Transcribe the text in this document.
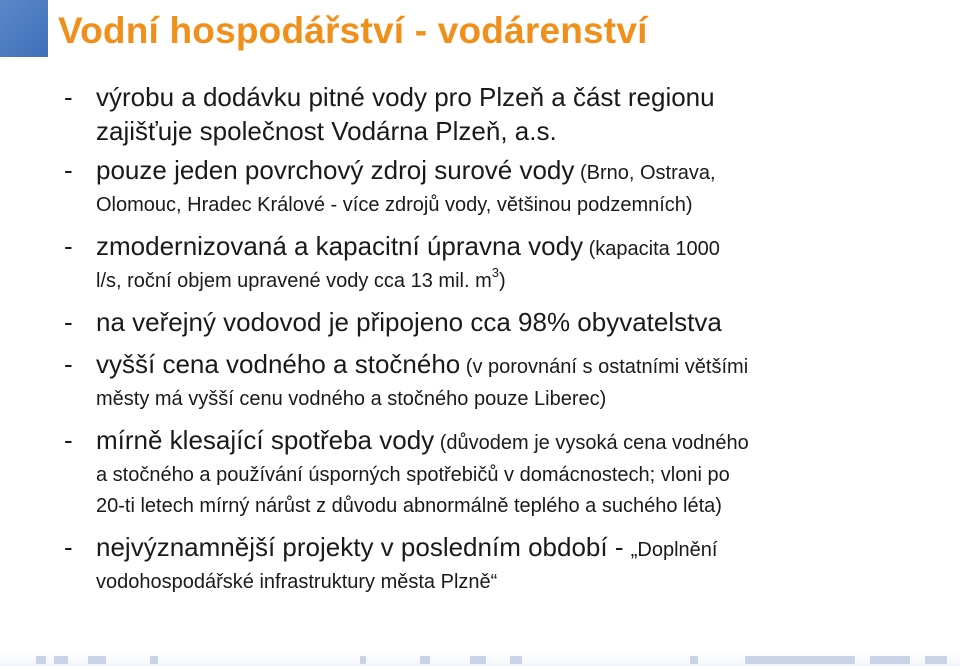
Vodní hospodářství - vodárenství
- výrobu a dodávku pitné vody pro Plzeň a část regionu
zajišťuje společnost Vodárna Plzeň, a.s.
- pouze jeden povrchový zdroj surové vody (Brno, Ostrava,
Olomouc, Hradec Králové - více zdrojů vody, většinou podzemních)
- zmodernizovaná a kapacitní úpravna vody (kapacita 1000
l/s, roční objem upravené vody cca 13 mil. $m^3$)
- na veřejný vodovod je připojeno cca 98% obyvatelstva
- vyšší cena vodného a stočného (v porovnání s ostatními většími
městy má vyšší cenu vodného a stočného pouze Liberec)
- mírně klesající spotřeba vody (důvodem je vysoká cena vodného
a stočného a používání úsporných spotřebičů v domácnostech; vloni po
20-ti letech mírný nárůst z důvodu abnormálně teplého a suchého léta)
- nejvýznamnější projekty v posledním období - „Doplnění
vodohospodářské infrastruktury města Plzně“
